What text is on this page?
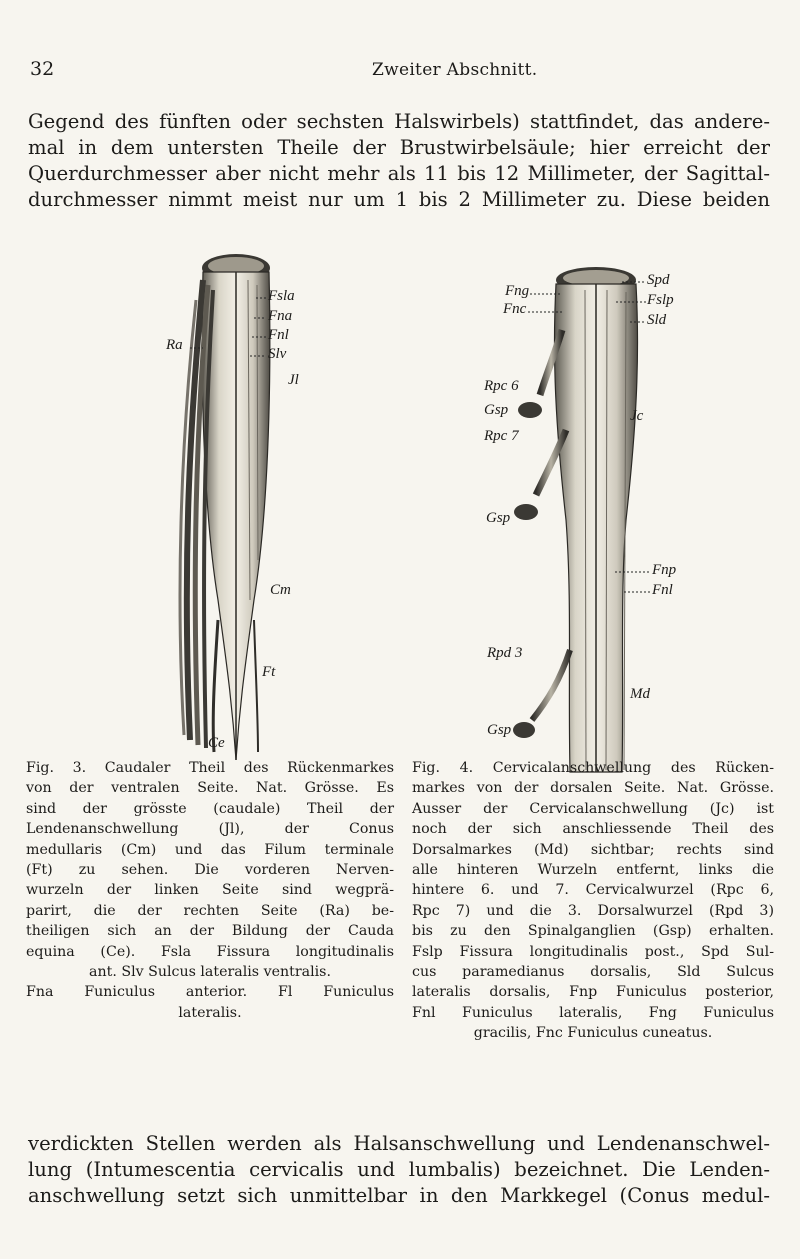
32	Zweiter Abschnitt.
Gegend des fünften oder sechsten Halswirbels) stattfindet, das andere-
mal in dem untersten Theile der Brustwirbelsäule; hier erreicht der
Querdurchmesser aber nicht mehr als 11 bis 12 Millimeter, der Sagittal-
durchmesser nimmt meist nur um 1 bis 2 Millimeter zu. Diese beiden
Fsla
Fna
Fnl
Slv
Ra
Jl
Cm
Ft
Ce
Fng
Fnc
Spd
Fslp
Sld
Rpc 6
Gsp
Rpc 7
Gsp
Jc
Fnp
Fnl
Rpd 3
Md
Gsp
Fig. 3. Caudaler Theil des Rückenmarkes
von der ventralen Seite. Nat. Grösse. Es
sind der grösste (caudale) Theil der
Lendenanschwellung (Jl), der Conus
medullaris (Cm) und das Filum terminale
(Ft) zu sehen. Die vorderen Nerven-
wurzeln der linken Seite sind wegprä-
parirt, die der rechten Seite (Ra) be-
theiligen sich an der Bildung der Cauda
equina (Ce). Fsla Fissura longitudinalis
ant. Slv Sulcus lateralis ventralis.
Fna Funiculus anterior. Fl Funiculus
lateralis.
Fig. 4. Cervicalanschwellung des Rücken-
markes von der dorsalen Seite. Nat. Grösse.
Ausser der Cervicalanschwellung (Jc) ist
noch der sich anschliessende Theil des
Dorsalmarkes (Md) sichtbar; rechts sind
alle hinteren Wurzeln entfernt, links die
hintere 6. und 7. Cervicalwurzel (Rpc 6,
Rpc 7) und die 3. Dorsalwurzel (Rpd 3)
bis zu den Spinalganglien (Gsp) erhalten.
Fslp Fissura longitudinalis post., Spd Sul-
cus paramedianus dorsalis, Sld Sulcus
lateralis dorsalis, Fnp Funiculus posterior,
Fnl Funiculus lateralis, Fng Funiculus
gracilis, Fnc Funiculus cuneatus.
verdickten Stellen werden als Halsanschwellung und Lendenanschwel-
lung (Intumescentia cervicalis und lumbalis) bezeichnet. Die Lenden-
anschwellung setzt sich unmittelbar in den Markkegel (Conus medul-
